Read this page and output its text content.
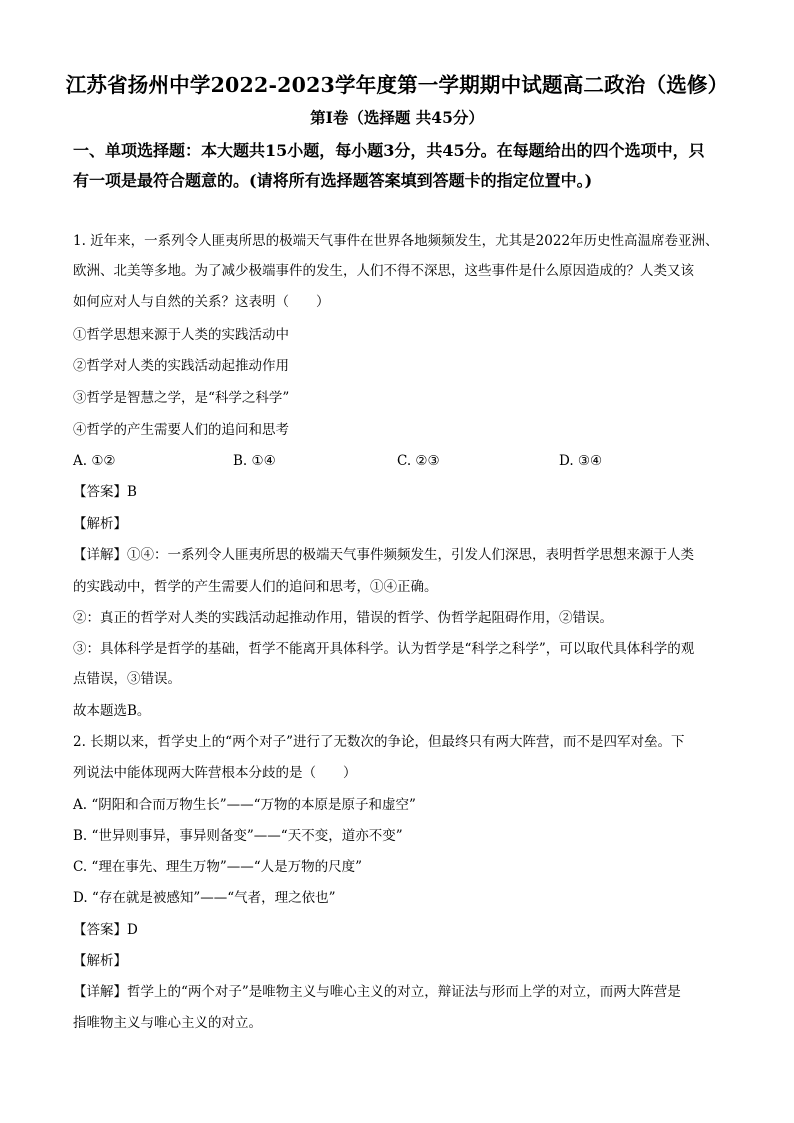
江苏省扬州中学2022-2023学年度第一学期期中试题高二政治（选修）
第Ⅰ卷（选择题 共45分）
一、单项选择题：本大题共15小题，每小题3分，共45分。在每题给出的四个选项中，只
有一项是最符合题意的。(请将所有选择题答案填到答题卡的指定位置中。)
1. 近年来，一系列令人匪夷所思的极端天气事件在世界各地频频发生，尤其是2022年历史性高温席卷亚洲、
欧洲、北美等多地。为了减少极端事件的发生，人们不得不深思，这些事件是什么原因造成的？人类又该
如何应对人与自然的关系？这表明（　　）
①哲学思想来源于人类的实践活动中
②哲学对人类的实践活动起推动作用
③哲学是智慧之学，是“科学之科学”
④哲学的产生需要人们的追问和思考
A. ①②	B. ①④	C. ②③	D. ③④
【答案】B
【解析】
【详解】①④：一系列令人匪夷所思的极端天气事件频频发生，引发人们深思，表明哲学思想来源于人类
的实践动中，哲学的产生需要人们的追问和思考，①④正确。
②：真正的哲学对人类的实践活动起推动作用，错误的哲学、伪哲学起阻碍作用，②错误。
③：具体科学是哲学的基础，哲学不能离开具体科学。认为哲学是“科学之科学”，可以取代具体科学的观
点错误，③错误。
故本题选B。
2. 长期以来，哲学史上的“两个对子”进行了无数次的争论，但最终只有两大阵营，而不是四军对垒。下
列说法中能体现两大阵营根本分歧的是（　　）
A. “阴阳和合而万物生长”——“万物的本原是原子和虚空”
B. “世异则事异，事异则备变”——“天不变，道亦不变”
C. “理在事先、理生万物”——“人是万物的尺度”
D. “存在就是被感知”——“气者，理之依也”
【答案】D
【解析】
【详解】哲学上的“两个对子”是唯物主义与唯心主义的对立，辩证法与形而上学的对立，而两大阵营是
指唯物主义与唯心主义的对立。
